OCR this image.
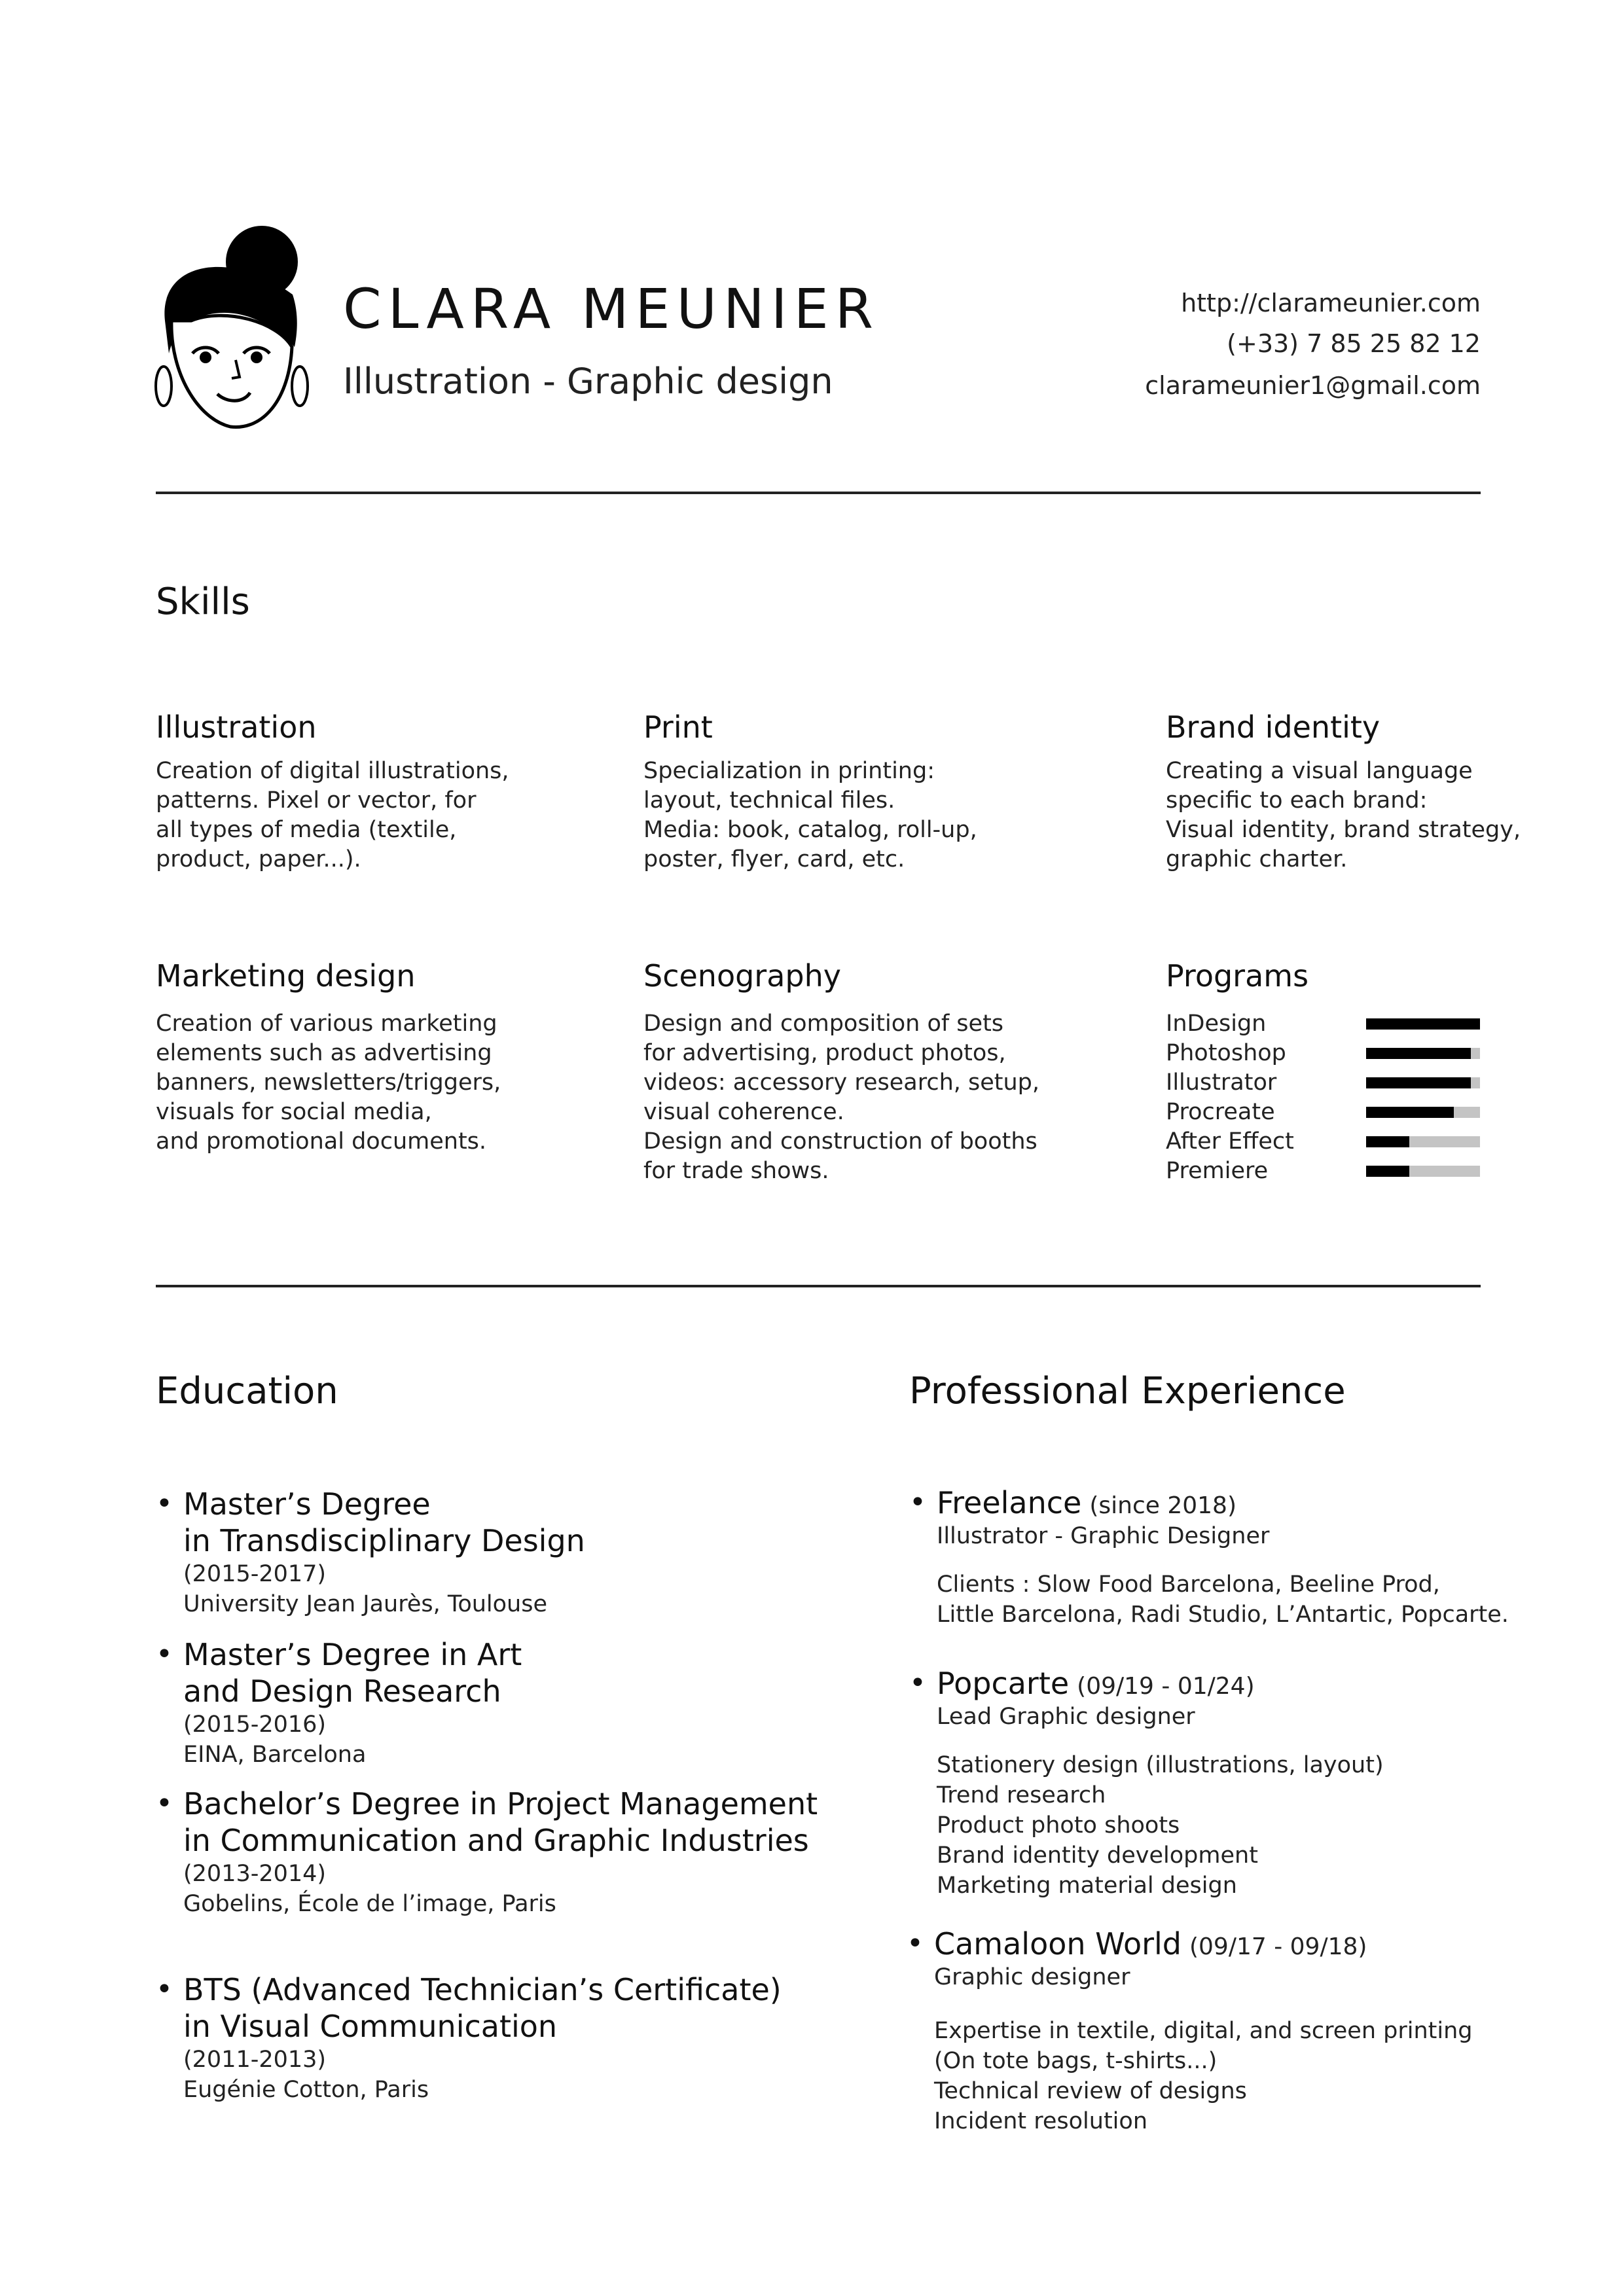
CLARA MEUNIER
Illustration - Graphic design
http://clarameunier.com
(+33) 7 85 25 82 12
clarameunier1@gmail.com
Skills
Illustration
Creation of digital illustrations,
patterns. Pixel or vector, for
all types of media (textile,
product, paper...).
Print
Specialization in printing:
layout, technical files.
Media: book, catalog, roll-up,
poster, flyer, card, etc.
Brand identity
Creating a visual language
specific to each brand:
Visual identity, brand strategy,
graphic charter.
Marketing design
Creation of various marketing
elements such as advertising
banners, newsletters/triggers,
visuals for social media,
and promotional documents.
Scenography
Design and composition of sets
for advertising, product photos,
videos: accessory research, setup,
visual coherence.
Design and construction of booths
for trade shows.
Programs
InDesign
Photoshop
Illustrator
Procreate
After Effect
Premiere
Education
• Master’s Degree
in Transdisciplinary Design
(2015-2017)
University Jean Jaurès, Toulouse
• Master’s Degree in Art
and Design Research
(2015-2016)
EINA, Barcelona
• Bachelor’s Degree in Project Management
in Communication and Graphic Industries
(2013-2014)
Gobelins, École de l’image, Paris
• BTS (Advanced Technician’s Certificate)
in Visual Communication
(2011-2013)
Eugénie Cotton, Paris
Professional Experience
• Freelance (since 2018)
Illustrator - Graphic Designer
Clients : Slow Food Barcelona, Beeline Prod,
Little Barcelona, Radi Studio, L’Antartic, Popcarte.
• Popcarte (09/19 - 01/24)
Lead Graphic designer
Stationery design (illustrations, layout)
Trend research
Product photo shoots
Brand identity development
Marketing material design
• Camaloon World (09/17 - 09/18)
Graphic designer
Expertise in textile, digital, and screen printing
(On tote bags, t-shirts...)
Technical review of designs
Incident resolution
